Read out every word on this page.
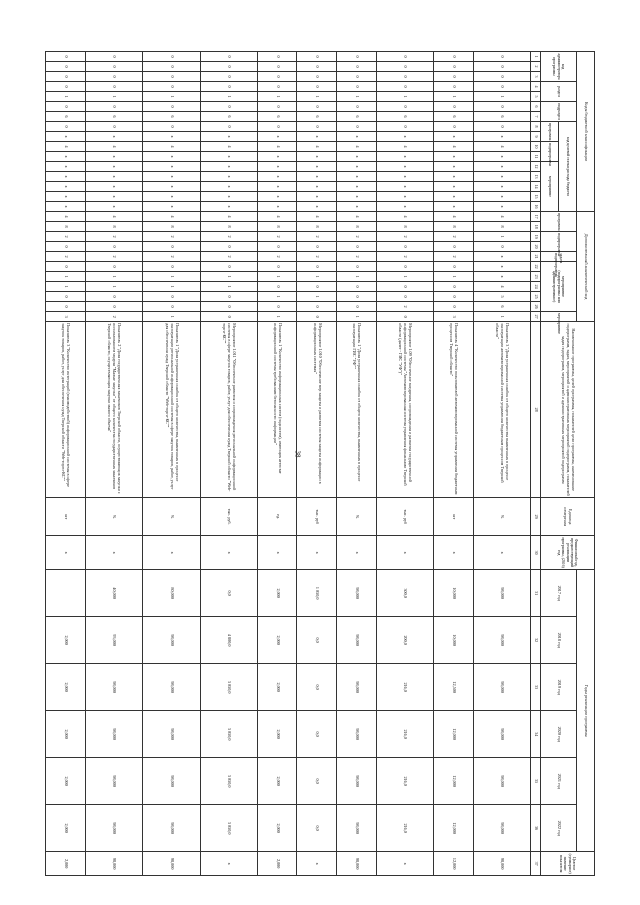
38
Коды бюджетной классификации																Дополнительный аналитический код											Наименование программы, целей программы, показателей цели программы, наименование подпрограмм, задач, мероприятий и административных мероприятий подпрограмм, показателей задач подпрограмм, мероприятий и административных мероприятий подпрограмм	Единица измерения	Финансовый год, предшествующий реализации программы, (2016) год	Годы реализации программы						Целевое (суммарное) значение показателя
код администратора программы			раздел		подраздел		код целевой статьи расхода бюджета									программа		подпрограмма		задача подпрограммы	мероприятие (подпрограммы или административное)					мероприятие				2017 год	2018 год	2019 год	2020 год	2021 год	2022 год	
							программа		подпрограмма		мероприятие																									
1	2	3	4	5	6	7	8	9	10	11	12	13	14	15	16	17	18	19	20	21	22	23	24	25	26	27	28	29	30	31	32	33	34	35	36	37
0	0	0	0	1	0	6	0	х	4	х	х	х	х	х	х	4	8	1	0	х	х	х	4	5	6	1	Показатель 3 "Доля устраненных ошибок от общего количества выявленных в процессе эксплуатации автоматизированной системы управления бюджетным процессом Тверской области"	%	х	98,000	98,000	98,000	98,000	98,000	98,000	98,000
0	0	0	0	1	0	6	0	х	4	х	х	х	х	х	х	4	8	2	0	2	0	1	0	0	0	3	Показатель 4 "Количество пользователей автоматизированной системы управления бюджетным процессом Тверской области"	шт	х	10,000	10,000	12,500	12,000	12,000	12,000	12,000
0	0	0	0	1	0	6	0	х	4	х	х	х	х	х	х	4	8	2	0	2	0	1	0	0	2	0	Мероприятие 1.09 "Обеспечение внедрения, сопровождения и развития государственной информационной системы "Автоматизированная система управления финансами Тверской области (далее - ГИС "УФ")"	тыс. руб	х	300,0	200,0	216,0	216,0	216,0	216,0	х
0	0	0	0	1	0	6	0	х	4	х	х	х	х	х	х	4	8	2	0	2	0	1	0	0	0	1	Показатель 1 "Доля устраненных ошибок от общего количества, выявленных в процессе эксплуатации ГИС "УФ""	%	х	98,000	98,000	98,000	98,000	98,000	98,000	98,000
0	0	0	0	1	0	6	0	х	4	х	х	х	х	х	х	4	8	2	0	2	0	1	0	1	0	0	Мероприятие 1.010 "Обеспечение мер защиты и развития системы защиты информации в информационных системах"	тыс. руб	х	1 050,0	0,0	0,0	0,0	0,0	0,0	х
0	0	0	0	1	0	6	0	х	4	х	х	х	х	х	х	4	8	2	0	2	0	1	0	1	0	1	Показатель 1 "Количество информационных систем (подсистем), имеющих аттестат информационной системы требованиям безопасности информации"	ед.	х	2,000	2,000	2,000	2,000	2,000	2,000	2,000
0	0	0	0	1	0	6	0	х	4	х	х	х	х	х	х	4	8	2	0	2	0	1	1	0	0	0	Мероприятие 1.011 "Обеспечение развития и сопровождения региональной информационной системы в сфере закупок товаров, работ, услуг для обеспечения нужд Тверской области "Web-торги-КС""	тыс. руб.	х	0,0	4 800,0	3 050,0	3 050,0	3 050,0	3 050,0	х
0	0	0	0	1	0	6	0	х	4	х	х	х	х	х	х	4	8	2	0	2	0	1	1	0	0	1	Показатель 1 "Доля устраненных ошибок от общего количества, выявленных в процессе эксплуатации региональной информационной системы в сфере закупок товаров, работ, услуг для обеспечения нужд Тверской области "Web-торги-КС""	%	х	80,000	98,000	98,000	98,000	98,000	98,000	98,000
0	0	0	0	1	0	6	0	х	4	х	х	х	х	х	х	4	8	2	0	2	0	1	1	0	0	2	Показатель 2 "Доля государственных заказчиков Тверской области, осуществляющих закупки с использованием модуля "Малые закупки" от общего количества государственных заказчиков Тверской области, осуществляющих закупки малого объема"	%	х	40,000	93,000	98,000	98,000	98,000	98,000	98,000
0	0	0	0	1	0	6	0	х	4	х	х	х	х	х	х	4	8	2	0	2	0	1	1	0	0	3	Показатель 3 "Количество интеграций (взаимодействий) информационной системы в сфере закупок товаров, работ, услуг для обеспечения нужд Тверской области "Web-торги-КС""	шт	х		2,000	2,000	2,000	2,000	2,000	2,000
